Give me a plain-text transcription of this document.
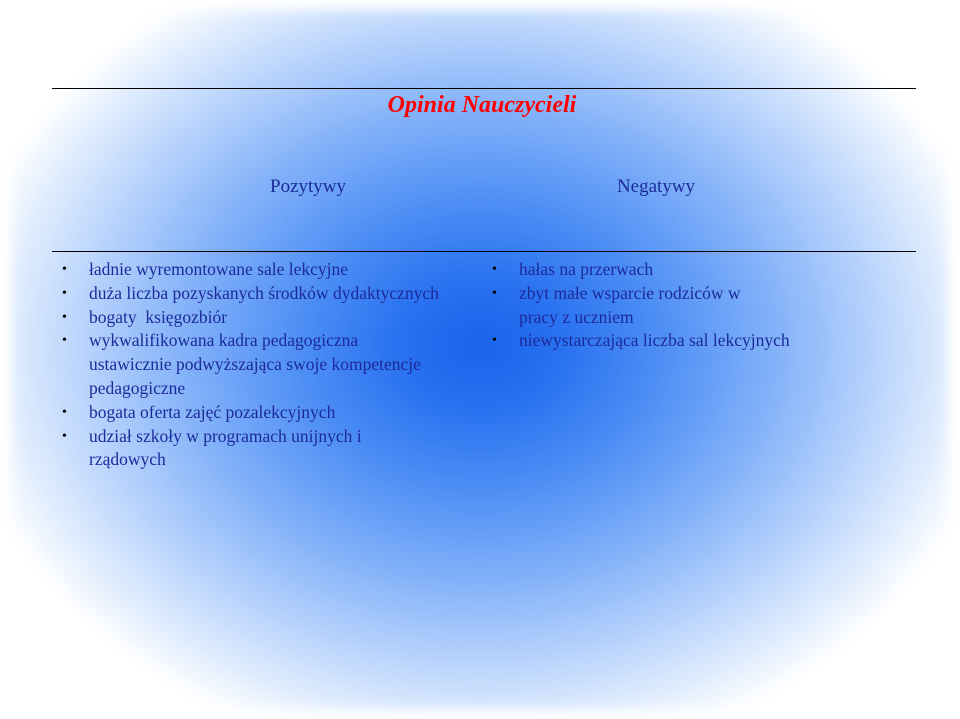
Opinia Nauczycieli
Pozytywy	Negatywy
• ładnie wyremontowane sale lekcyjne
• duża liczba pozyskanych środków dydaktycznych
• bogaty  księgozbiór
• wykwalifikowana kadra pedagogiczna ustawicznie podwyższająca swoje kompetencje pedagogiczne
• bogata oferta zajęć pozalekcyjnych
• udział szkoły w programach unijnych i rządowych
• hałas na przerwach
• zbyt małe wsparcie rodziców w pracy z uczniem
• niewystarczająca liczba sal lekcyjnych
